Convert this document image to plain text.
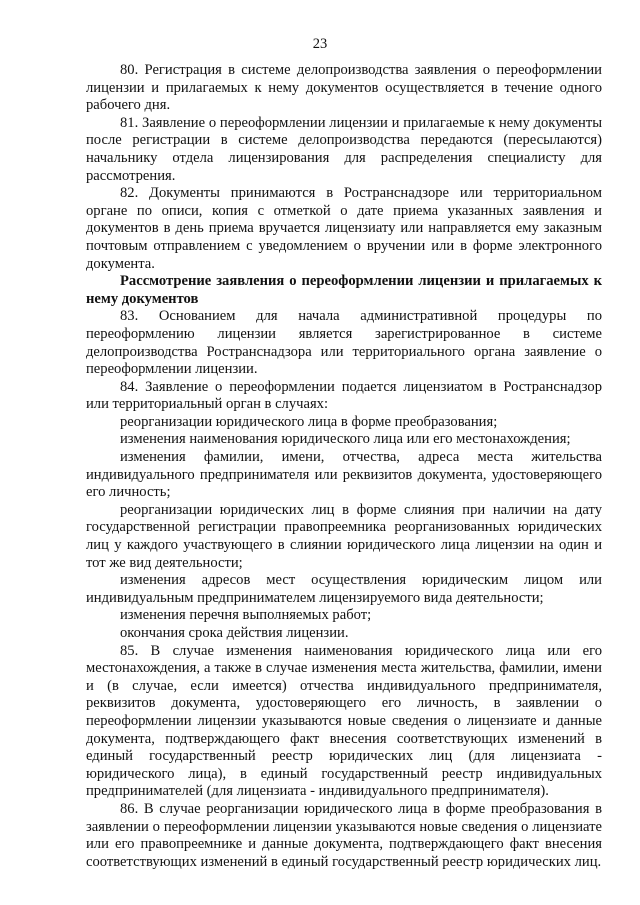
23

80. Регистрация в системе делопроизводства заявления о переоформлении лицензии и прилагаемых к нему документов осуществляется в течение одного рабочего дня.

81. Заявление о переоформлении лицензии и прилагаемые к нему документы после регистрации в системе делопроизводства передаются (пересылаются) начальнику отдела лицензирования для распределения специалисту для рассмотрения.

82. Документы принимаются в Ространснадзоре или территориальном органе по описи, копия с отметкой о дате приема указанных заявления и документов в день приема вручается лицензиату или направляется ему заказным почтовым отправлением с уведомлением о вручении или в форме электронного документа.

Рассмотрение заявления о переоформлении лицензии и прилагаемых к нему документов

83. Основанием для начала административной процедуры по переоформлению лицензии является зарегистрированное в системе делопроизводства Ространснадзора или территориального органа заявление о переоформлении лицензии.

84. Заявление о переоформлении подается лицензиатом в Ространснадзор или территориальный орган в случаях:

реорганизации юридического лица в форме преобразования;

изменения наименования юридического лица или его местонахождения;

изменения фамилии, имени, отчества, адреса места жительства индивидуального предпринимателя или реквизитов документа, удостоверяющего его личность;

реорганизации юридических лиц в форме слияния при наличии на дату государственной регистрации правопреемника реорганизованных юридических лиц у каждого участвующего в слиянии юридического лица лицензии на один и тот же вид деятельности;

изменения адресов мест осуществления юридическим лицом или индивидуальным предпринимателем лицензируемого вида деятельности;

изменения перечня выполняемых работ;

окончания срока действия лицензии.

85. В случае изменения наименования юридического лица или его местонахождения, а также в случае изменения места жительства, фамилии, имени и (в случае, если имеется) отчества индивидуального предпринимателя, реквизитов документа, удостоверяющего его личность, в заявлении о переоформлении лицензии указываются новые сведения о лицензиате и данные документа, подтверждающего факт внесения соответствующих изменений в единый государственный реестр юридических лиц (для лицензиата - юридического лица), в единый государственный реестр индивидуальных предпринимателей (для лицензиата - индивидуального предпринимателя).

86. В случае реорганизации юридического лица в форме преобразования в заявлении о переоформлении лицензии указываются новые сведения о лицензиате или его правопреемнике и данные документа, подтверждающего факт внесения соответствующих изменений в единый государственный реестр юридических лиц.
